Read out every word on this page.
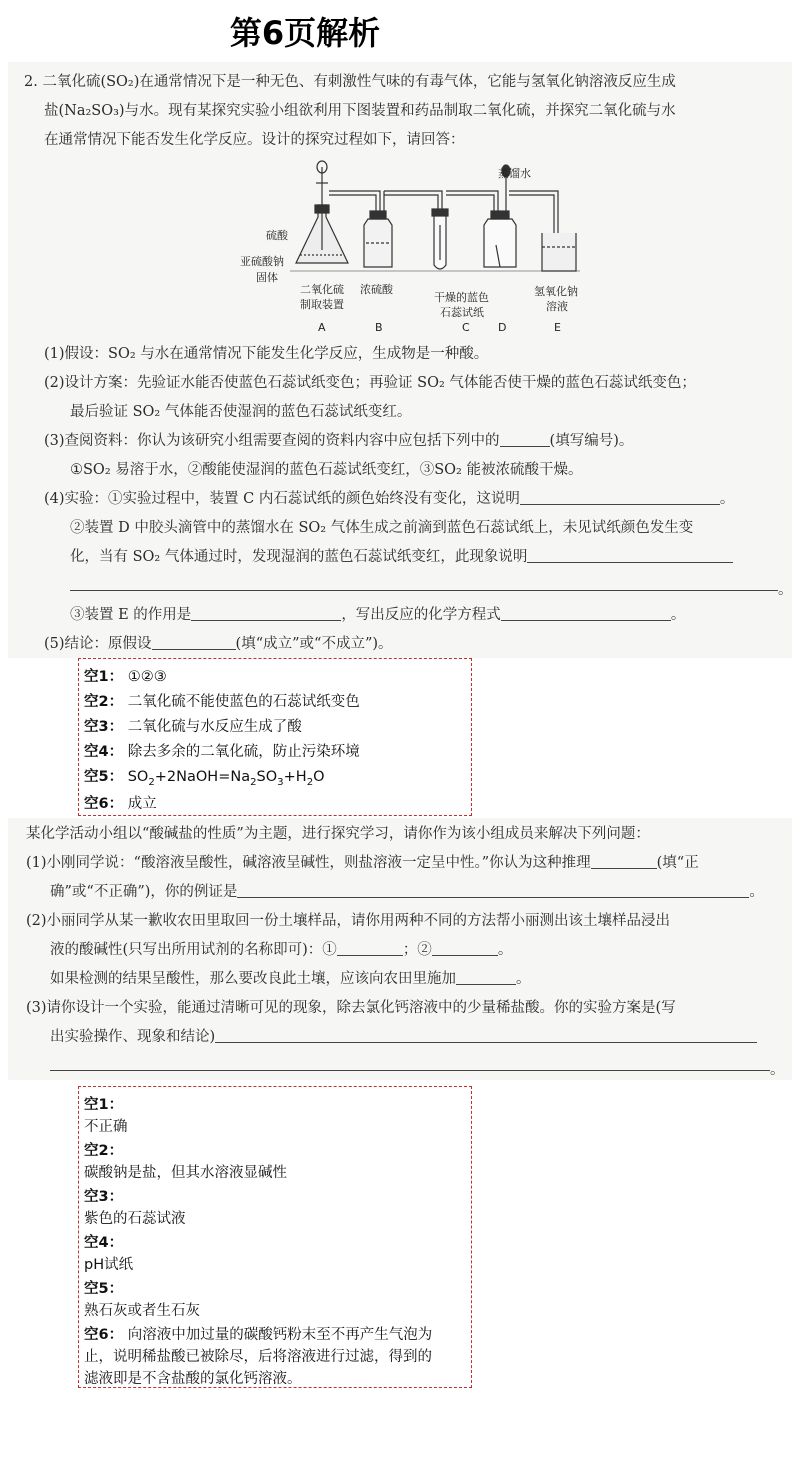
第6页解析
2. 二氧化硫(SO₂)在通常情况下是一种无色、有刺激性气味的有毒气体，它能与氢氧化钠溶液反应生成
盐(Na₂SO₃)与水。现有某探究实验小组欲利用下图装置和药品制取二氧化硫，并探究二氧化硫与水
在通常情况下能否发生化学反应。设计的探究过程如下，请回答：
蒸馏水
硫酸
亚硫酸钠
固体
二氧化硫
制取装置
浓硫酸
干燥的蓝色
石蕊试纸
氢氧化钠
溶液
A	B	C	D	E
(1)假设：SO₂ 与水在通常情况下能发生化学反应，生成物是一种酸。
(2)设计方案：先验证水能否使蓝色石蕊试纸变色；再验证 SO₂ 气体能否使干燥的蓝色石蕊试纸变色；
最后验证 SO₂ 气体能否使湿润的蓝色石蕊试纸变红。
(3)查阅资料：你认为该研究小组需要查阅的资料内容中应包括下列中的	(填写编号)。
①SO₂ 易溶于水，②酸能使湿润的蓝色石蕊试纸变红，③SO₂ 能被浓硫酸干燥。
(4)实验：①实验过程中，装置 C 内石蕊试纸的颜色始终没有变化，这说明	。
②装置 D 中胶头滴管中的蒸馏水在 SO₂ 气体生成之前滴到蓝色石蕊试纸上，未见试纸颜色发生变
化，当有 SO₂ 气体通过时，发现湿润的蓝色石蕊试纸变红，此现象说明
。
③装置 E 的作用是	，写出反应的化学方程式	。
(5)结论：原假设	(填“成立”或“不成立”)。
空1： ①②③
空2： 二氧化硫不能使蓝色的石蕊试纸变色
空3： 二氧化硫与水反应生成了酸
空4： 除去多余的二氧化硫，防止污染环境
空5： $SO_2+2NaOH=Na_2SO_3+H_2O$
空6： 成立
某化学活动小组以“酸碱盐的性质”为主题，进行探究学习，请你作为该小组成员来解决下列问题：
(1)小刚同学说：“酸溶液呈酸性，碱溶液呈碱性，则盐溶液一定呈中性。”你认为这种推理	(填“正
确”或“不正确”)，你的例证是	。
(2)小丽同学从某一歉收农田里取回一份土壤样品，请你用两种不同的方法帮小丽测出该土壤样品浸出
液的酸碱性(只写出所用试剂的名称即可)：①	；②	。
如果检测的结果呈酸性，那么要改良此土壤，应该向农田里施加	。
(3)请你设计一个实验，能通过清晰可见的现象，除去氯化钙溶液中的少量稀盐酸。你的实验方案是(写
出实验操作、现象和结论)
。
空1：
不正确
空2：
碳酸钠是盐，但其水溶液显碱性
空3：
紫色的石蕊试液
空4：
pH试纸
空5：
熟石灰或者生石灰
空6： 向溶液中加过量的碳酸钙粉末至不再产生气泡为
止，说明稀盐酸已被除尽，后将溶液进行过滤，得到的
滤液即是不含盐酸的氯化钙溶液。
